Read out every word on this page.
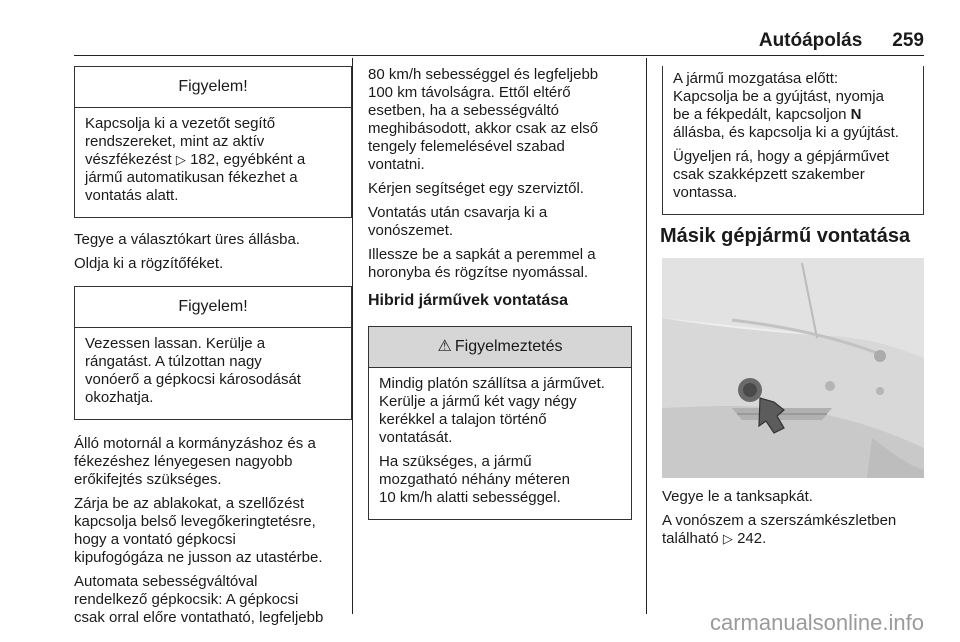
Autóápolás 259
Figyelem!

Kapcsolja ki a vezetőt segítő
rendszereket, mint az aktív
vészfékezést ▷ 182, egyébként a
jármű automatikusan fékezhet a
vontatás alatt.

Tegye a választókart üres állásba.

Oldja ki a rögzítőféket.

Figyelem!

Vezessen lassan. Kerülje a
rángatást. A túlzottan nagy
vonóerő a gépkocsi károsodását
okozhatja.

Álló motornál a kormányzáshoz és a
fékezéshez lényegesen nagyobb
erőkifejtés szükséges.

Zárja be az ablakokat, a szellőzést
kapcsolja belső levegőkeringtetésre,
hogy a vontató gépkocsi
kipufogógáza ne jusson az utastérbe.

Automata sebességváltóval
rendelkező gépkocsik: A gépkocsi
csak orral előre vontatható, legfeljebb

80 km/h sebességgel és legfeljebb
100 km távolságra. Ettől eltérő
esetben, ha a sebességváltó
meghibásodott, akkor csak az első
tengely felemelésével szabad
vontatni.

Kérjen segítséget egy szerviztől.

Vontatás után csavarja ki a
vonószemet.

Illessze be a sapkát a peremmel a
horonyba és rögzítse nyomással.

Hibrid járművek vontatása
⚠ Figyelmeztetés

Mindig platón szállítsa a járművet.
Kerülje a jármű két vagy négy
kerékkel a talajon történő
vontatását.

Ha szükséges, a jármű
mozgatható néhány méteren
10 km/h alatti sebességgel.

A jármű mozgatása előtt:
Kapcsolja be a gyújtást, nyomja
be a fékpedált, kapcsoljon N
állásba, és kapcsolja ki a gyújtást.

Ügyeljen rá, hogy a gépjárművet
csak szakképzett szakember
vontassa.

Másik gépjármű vontatása

Vegye le a tanksapkát.

A vonószem a szerszámkészletben
található ▷ 242.

carmanualsonline.info
